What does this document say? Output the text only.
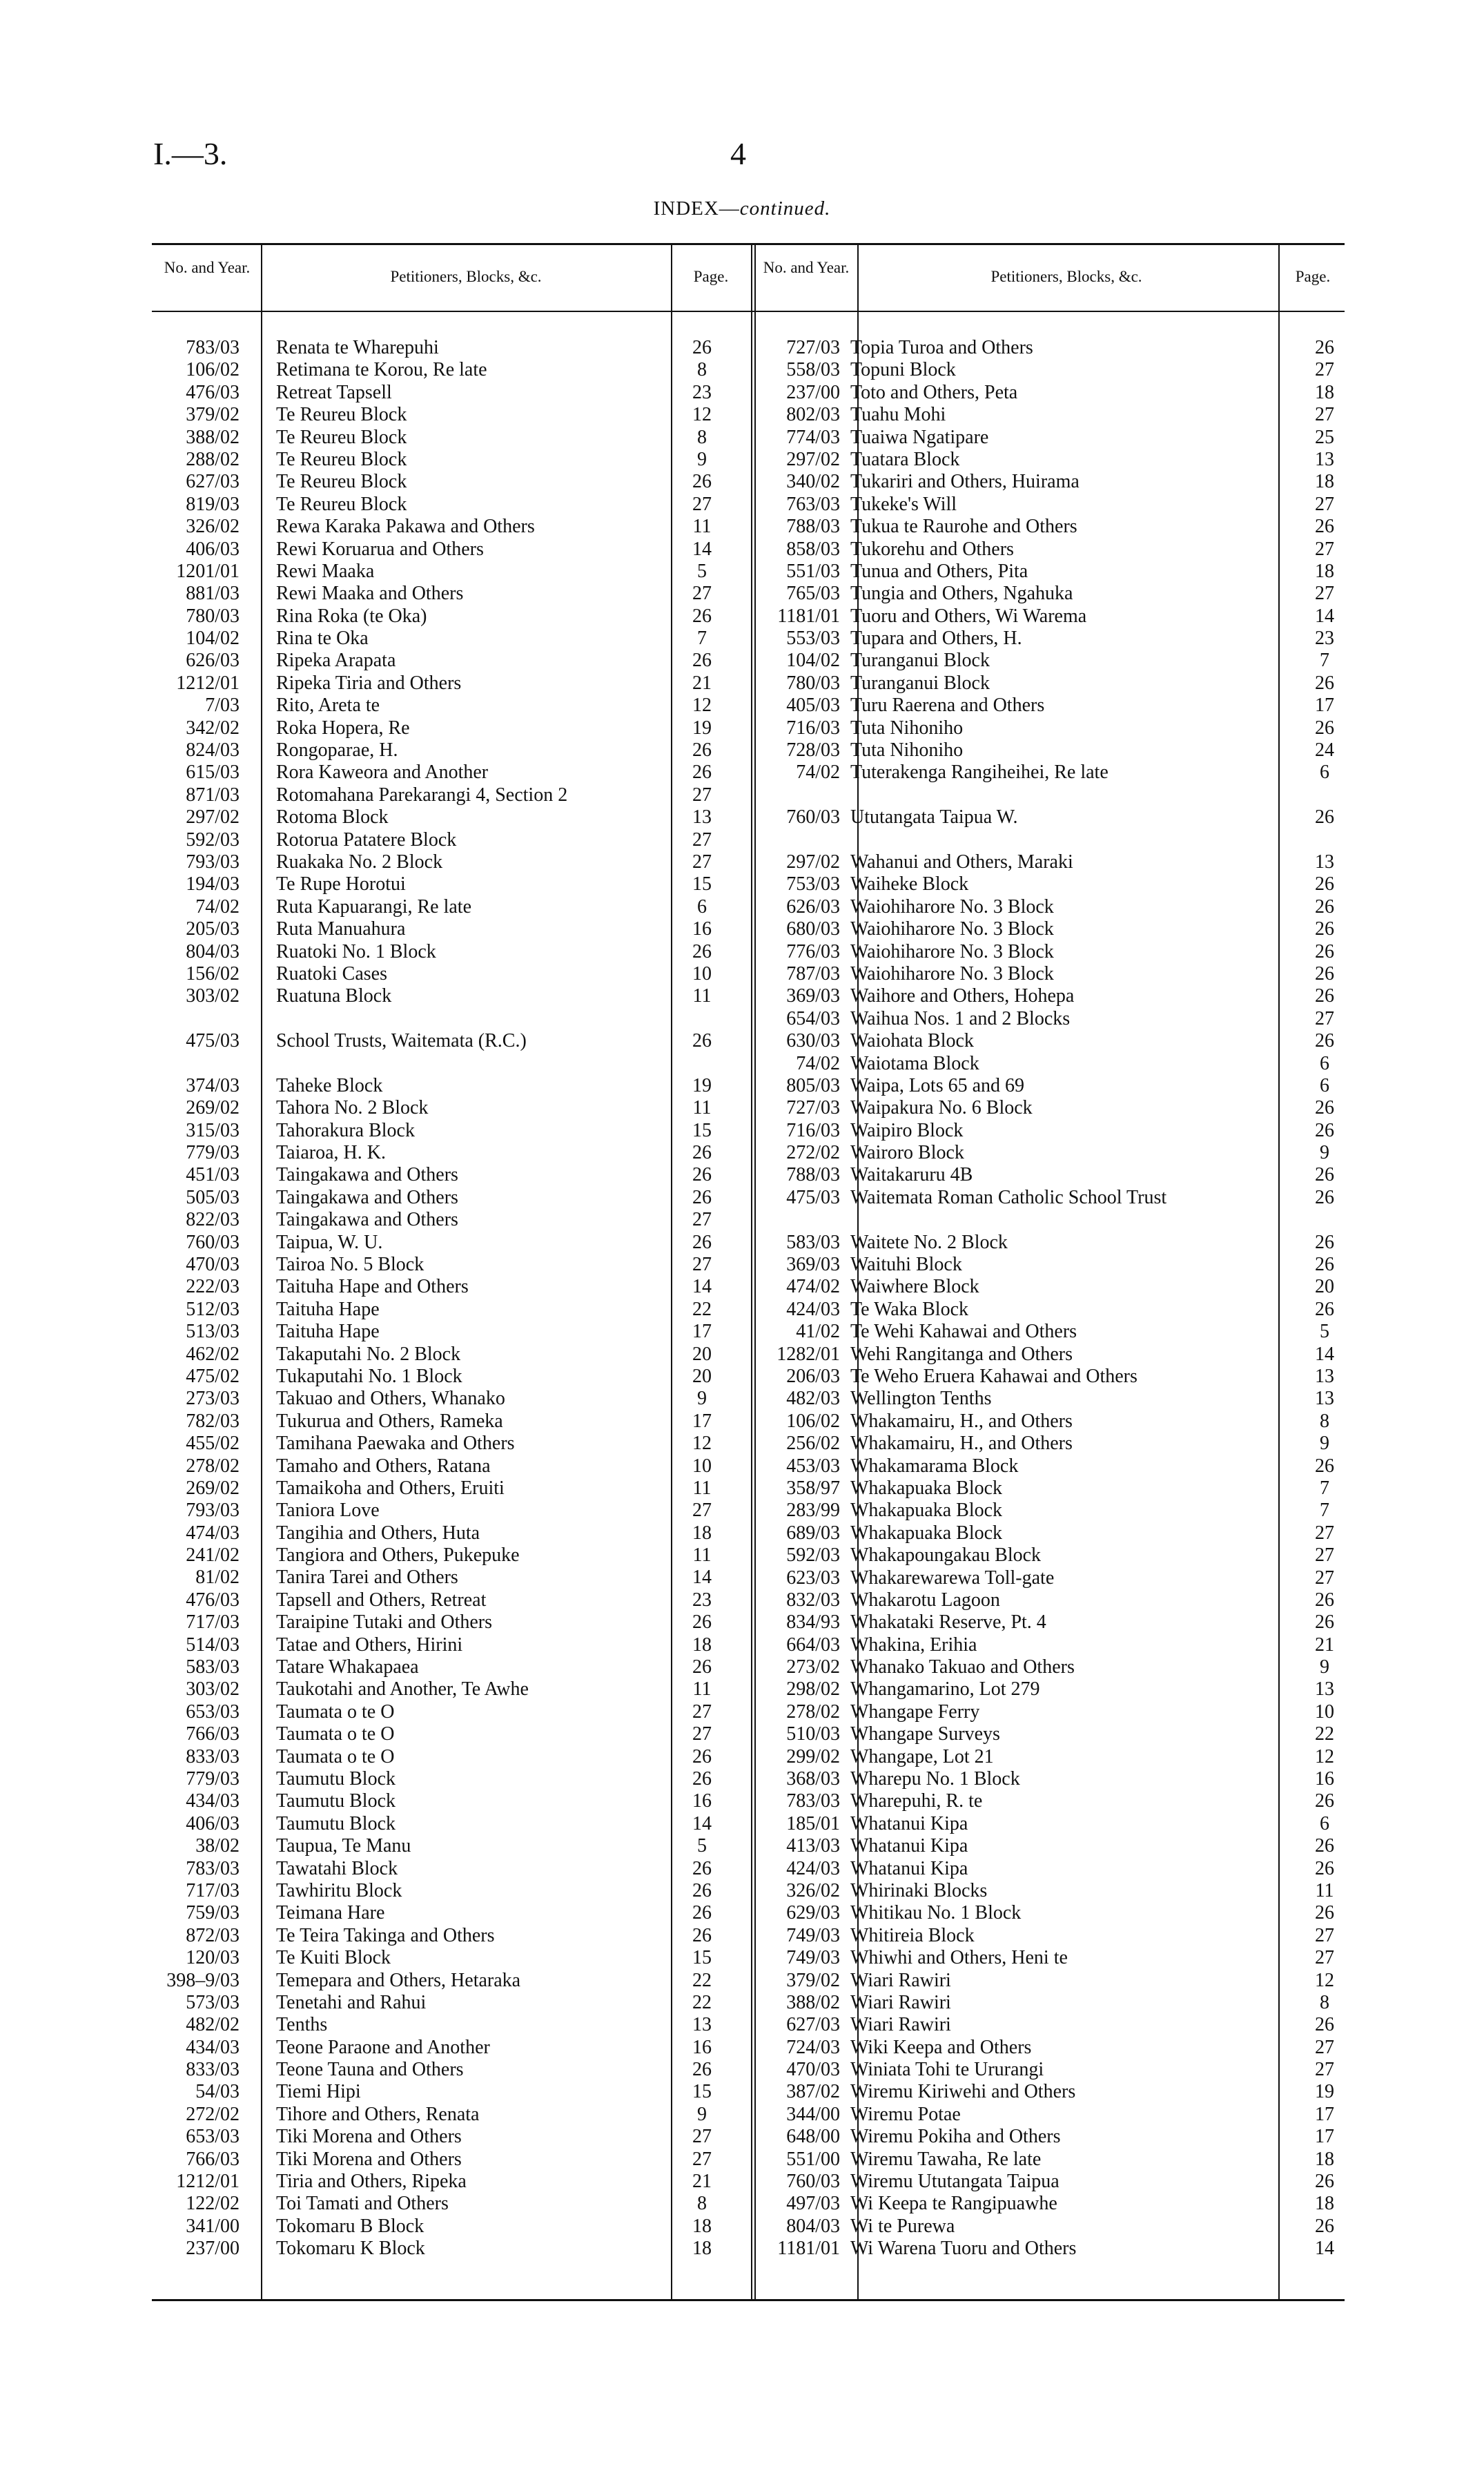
I.—3.	4
INDEX—continued.
No. and Year.
Petitioners, Blocks, &c.	Page.
No. and Year.
Petitioners, Blocks, &c.	Page.
783/03 Renata te Wharepuhi	26
106/02 Retimana te Korou, Re late	8
476/03 Retreat Tapsell	23
379/02 Te Reureu Block	12
388/02 Te Reureu Block	8
288/02 Te Reureu Block	9
627/03 Te Reureu Block	26
819/03 Te Reureu Block	27
326/02 Rewa Karaka Pakawa and Others	11
406/03 Rewi Koruarua and Others	14
1201/01 Rewi Maaka	5
881/03 Rewi Maaka and Others	27
780/03 Rina Roka (te Oka)	26
104/02 Rina te Oka	7
626/03 Ripeka Arapata	26
1212/01 Ripeka Tiria and Others	21
7/03 Rito, Areta te	12
342/02 Roka Hopera, Re	19
824/03 Rongoparae, H.	26
615/03 Rora Kaweora and Another	26
871/03 Rotomahana Parekarangi 4, Section 2	27
297/02 Rotoma Block	13
592/03 Rotorua Patatere Block	27
793/03 Ruakaka No. 2 Block	27
194/03 Te Rupe Horotui	15
74/02 Ruta Kapuarangi, Re late	6
205/03 Ruta Manuahura	16
804/03 Ruatoki No. 1 Block	26
156/02 Ruatoki Cases	10
303/02 Ruatuna Block	11
475/03 School Trusts, Waitemata (R.C.)	26
374/03 Taheke Block	19
269/02 Tahora No. 2 Block	11
315/03 Tahorakura Block	15
779/03 Taiaroa, H. K.	26
451/03 Taingakawa and Others	26
505/03 Taingakawa and Others	26
822/03 Taingakawa and Others	27
760/03 Taipua, W. U.	26
470/03 Tairoa No. 5 Block	27
222/03 Taituha Hape and Others	14
512/03 Taituha Hape	22
513/03 Taituha Hape	17
462/02 Takaputahi No. 2 Block	20
475/02 Tukaputahi No. 1 Block	20
273/03 Takuao and Others, Whanako	9
782/03 Tukurua and Others, Rameka	17
455/02 Tamihana Paewaka and Others	12
278/02 Tamaho and Others, Ratana	10
269/02 Tamaikoha and Others, Eruiti	11
793/03 Taniora Love	27
474/03 Tangihia and Others, Huta	18
241/02 Tangiora and Others, Pukepuke	11
81/02 Tanira Tarei and Others	14
476/03 Tapsell and Others, Retreat	23
717/03 Taraipine Tutaki and Others	26
514/03 Tatae and Others, Hirini	18
583/03 Tatare Whakapaea	26
303/02 Taukotahi and Another, Te Awhe	11
653/03 Taumata o te O	27
766/03 Taumata o te O	27
833/03 Taumata o te O	26
779/03 Taumutu Block	26
434/03 Taumutu Block	16
406/03 Taumutu Block	14
38/02 Taupua, Te Manu	5
783/03 Tawatahi Block	26
717/03 Tawhiritu Block	26
759/03 Teimana Hare	26
872/03 Te Teira Takinga and Others	26
120/03 Te Kuiti Block	15
398–9/03 Temepara and Others, Hetaraka	22
573/03 Tenetahi and Rahui	22
482/02 Tenths	13
434/03 Teone Paraone and Another	16
833/03 Teone Tauna and Others	26
54/03 Tiemi Hipi	15
272/02 Tihore and Others, Renata	9
653/03 Tiki Morena and Others	27
766/03 Tiki Morena and Others	27
1212/01 Tiria and Others, Ripeka	21
122/02 Toi Tamati and Others	8
341/00 Tokomaru B Block	18
237/00 Tokomaru K Block	18
727/03 Topia Turoa and Others	26
558/03 Topuni Block	27
237/00 Toto and Others, Peta	18
802/03 Tuahu Mohi	27
774/03 Tuaiwa Ngatipare	25
297/02 Tuatara Block	13
340/02 Tukariri and Others, Huirama	18
763/03 Tukeke's Will	27
788/03 Tukua te Raurohe and Others	26
858/03 Tukorehu and Others	27
551/03 Tunua and Others, Pita	18
765/03 Tungia and Others, Ngahuka	27
1181/01 Tuoru and Others, Wi Warema	14
553/03 Tupara and Others, H.	23
104/02 Turanganui Block	7
780/03 Turanganui Block	26
405/03 Turu Raerena and Others	17
716/03 Tuta Nihoniho	26
728/03 Tuta Nihoniho	24
74/02 Tuterakenga Rangiheihei, Re late	6
760/03 Ututangata Taipua W.	26
297/02 Wahanui and Others, Maraki	13
753/03 Waiheke Block	26
626/03 Waiohiharore No. 3 Block	26
680/03 Waiohiharore No. 3 Block	26
776/03 Waiohiharore No. 3 Block	26
787/03 Waiohiharore No. 3 Block	26
369/03 Waihore and Others, Hohepa	26
654/03 Waihua Nos. 1 and 2 Blocks	27
630/03 Waiohata Block	26
74/02 Waiotama Block	6
805/03 Waipa, Lots 65 and 69	6
727/03 Waipakura No. 6 Block	26
716/03 Waipiro Block	26
272/02 Wairoro Block	9
788/03 Waitakaruru 4B	26
475/03 Waitemata Roman Catholic School Trust	26
583/03 Waitete No. 2 Block	26
369/03 Waituhi Block	26
474/02 Waiwhere Block	20
424/03 Te Waka Block	26
41/02 Te Wehi Kahawai and Others	5
1282/01 Wehi Rangitanga and Others	14
206/03 Te Weho Eruera Kahawai and Others	13
482/03 Wellington Tenths	13
106/02 Whakamairu, H., and Others	8
256/02 Whakamairu, H., and Others	9
453/03 Whakamarama Block	26
358/97 Whakapuaka Block	7
283/99 Whakapuaka Block	7
689/03 Whakapuaka Block	27
592/03 Whakapoungakau Block	27
623/03 Whakarewarewa Toll-gate	27
832/03 Whakarotu Lagoon	26
834/93 Whakataki Reserve, Pt. 4	26
664/03 Whakina, Erihia	21
273/02 Whanako Takuao and Others	9
298/02 Whangamarino, Lot 279	13
278/02 Whangape Ferry	10
510/03 Whangape Surveys	22
299/02 Whangape, Lot 21	12
368/03 Wharepu No. 1 Block	16
783/03 Wharepuhi, R. te	26
185/01 Whatanui Kipa	6
413/03 Whatanui Kipa	26
424/03 Whatanui Kipa	26
326/02 Whirinaki Blocks	11
629/03 Whitikau No. 1 Block	26
749/03 Whitireia Block	27
749/03 Whiwhi and Others, Heni te	27
379/02 Wiari Rawiri	12
388/02 Wiari Rawiri	8
627/03 Wiari Rawiri	26
724/03 Wiki Keepa and Others	27
470/03 Winiata Tohi te Ururangi	27
387/02 Wiremu Kiriwehi and Others	19
344/00 Wiremu Potae	17
648/00 Wiremu Pokiha and Others	17
551/00 Wiremu Tawaha, Re late	18
760/03 Wiremu Ututangata Taipua	26
497/03 Wi Keepa te Rangipuawhe	18
804/03 Wi te Purewa	26
1181/01 Wi Warena Tuoru and Others	14
